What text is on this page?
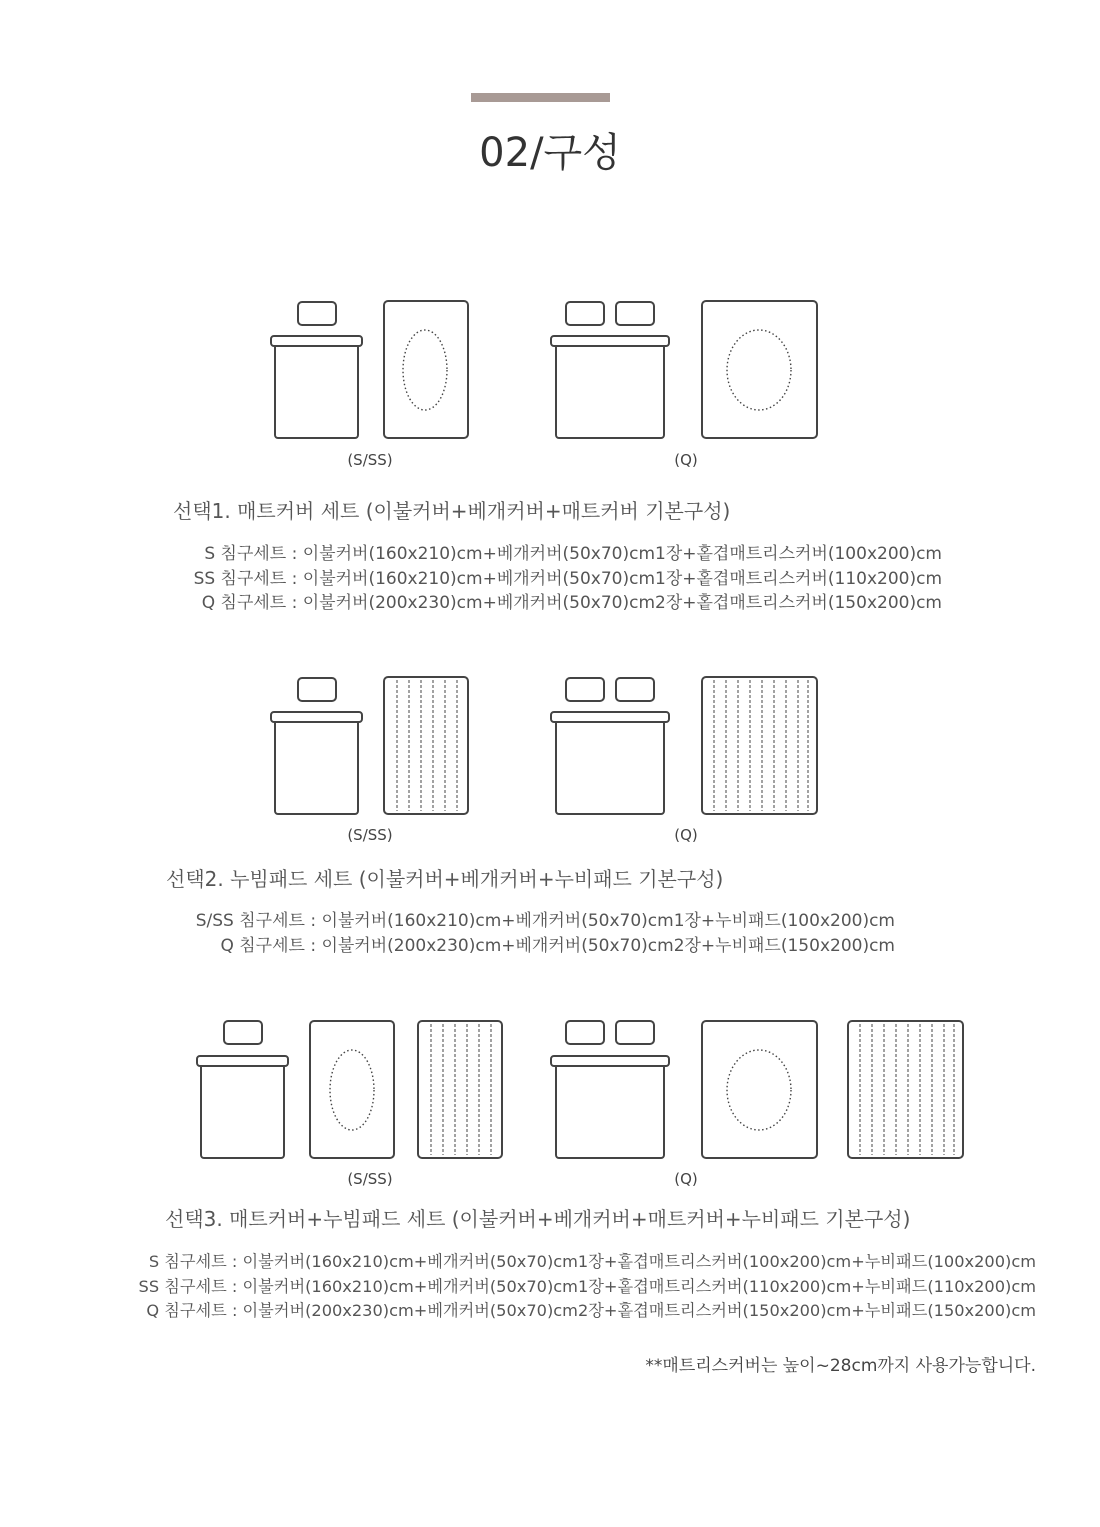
02/구성
(S/SS)	(Q)
선택1. 매트커버 세트 (이불커버+베개커버+매트커버 기본구성)
S 침구세트 : 이불커버(160x210)cm+베개커버(50x70)cm1장+홑겹매트리스커버(100x200)cm
SS 침구세트 : 이불커버(160x210)cm+베개커버(50x70)cm1장+홑겹매트리스커버(110x200)cm
Q 침구세트 : 이불커버(200x230)cm+베개커버(50x70)cm2장+홑겹매트리스커버(150x200)cm
(S/SS)	(Q)
선택2. 누빔패드 세트 (이불커버+베개커버+누비패드 기본구성)
S/SS 침구세트 : 이불커버(160x210)cm+베개커버(50x70)cm1장+누비패드(100x200)cm
Q 침구세트 : 이불커버(200x230)cm+베개커버(50x70)cm2장+누비패드(150x200)cm
(S/SS)	(Q)
선택3. 매트커버+누빔패드 세트 (이불커버+베개커버+매트커버+누비패드 기본구성)
S 침구세트 : 이불커버(160x210)cm+베개커버(50x70)cm1장+홑겹매트리스커버(100x200)cm+누비패드(100x200)cm
SS 침구세트 : 이불커버(160x210)cm+베개커버(50x70)cm1장+홑겹매트리스커버(110x200)cm+누비패드(110x200)cm
Q 침구세트 : 이불커버(200x230)cm+베개커버(50x70)cm2장+홑겹매트리스커버(150x200)cm+누비패드(150x200)cm
**매트리스커버는 높이~28cm까지 사용가능합니다.
